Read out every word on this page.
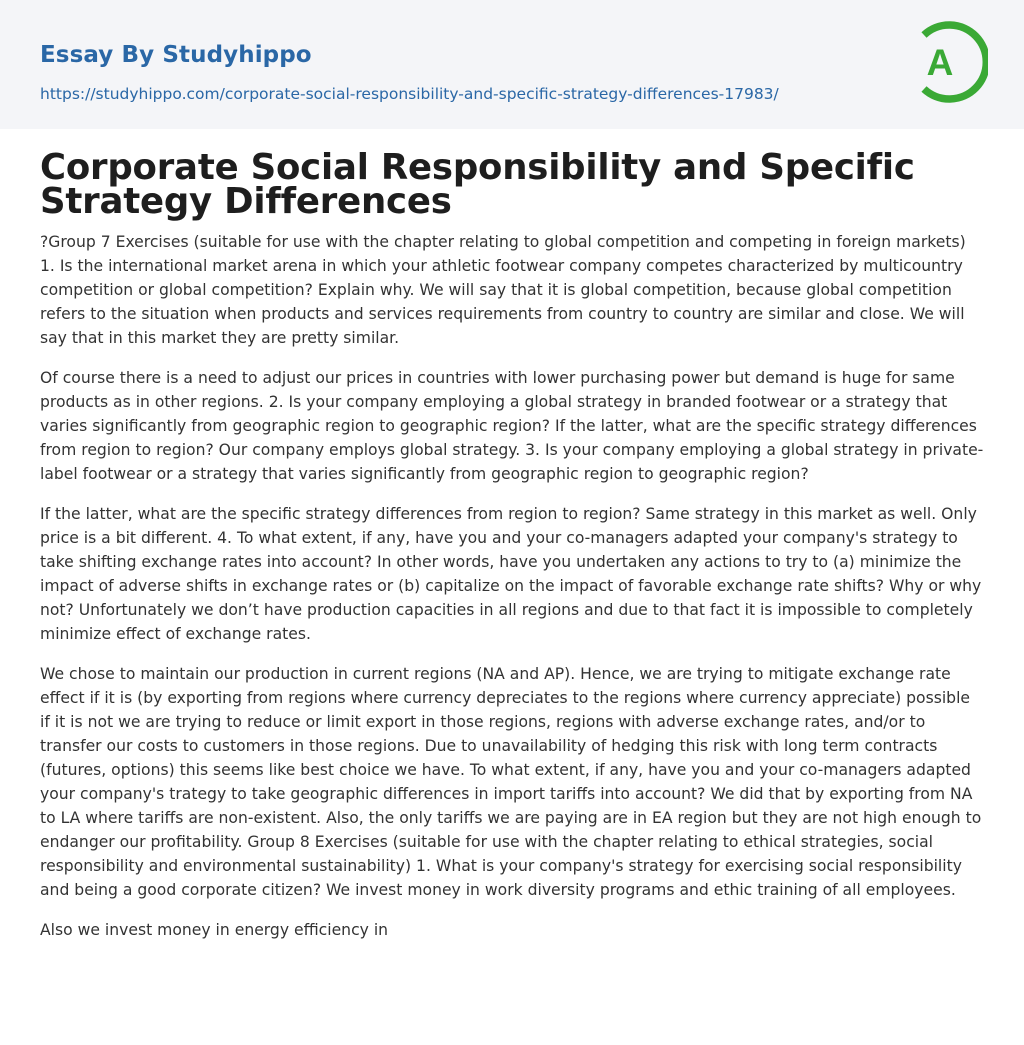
Essay By Studyhippo
https://studyhippo.com/corporate-social-responsibility-and-specific-strategy-differences-17983/
A
Corporate Social Responsibility and Specific Strategy Differences

?Group 7 Exercises (suitable for use with the chapter relating to global competition and competing in foreign markets) 1. Is the international market arena in which your athletic footwear company competes characterized by multicountry competition or global competition? Explain why. We will say that it is global competition, because global competition refers to the situation when products and services requirements from country to country are similar and close. We will say that in this market they are pretty similar.

Of course there is a need to adjust our prices in countries with lower purchasing power but demand is huge for same products as in other regions. 2. Is your company employing a global strategy in branded footwear or a strategy that varies significantly from geographic region to geographic region? If the latter, what are the specific strategy differences from region to region? Our company employs global strategy. 3. Is your company employing a global strategy in private-label footwear or a strategy that varies significantly from geographic region to geographic region?

If the latter, what are the specific strategy differences from region to region? Same strategy in this market as well. Only price is a bit different. 4. To what extent, if any, have you and your co-managers adapted your company's strategy to take shifting exchange rates into account? In other words, have you undertaken any actions to try to (a) minimize the impact of adverse shifts in exchange rates or (b) capitalize on the impact of favorable exchange rate shifts? Why or why not? Unfortunately we don’t have production capacities in all regions and due to that fact it is impossible to completely minimize effect of exchange rates.

We chose to maintain our production in current regions (NA and AP). Hence, we are trying to mitigate exchange rate effect if it is (by exporting from regions where currency depreciates to the regions where currency appreciate) possible if it is not we are trying to reduce or limit export in those regions, regions with adverse exchange rates, and/or to transfer our costs to customers in those regions. Due to unavailability of hedging this risk with long term contracts (futures, options) this seems like best choice we have. To what extent, if any, have you and your co-managers adapted your company's trategy to take geographic differences in import tariffs into account? We did that by exporting from NA to LA where tariffs are non-existent. Also, the only tariffs we are paying are in EA region but they are not high enough to endanger our profitability. Group 8 Exercises (suitable for use with the chapter relating to ethical strategies, social responsibility and environmental sustainability) 1. What is your company's strategy for exercising social responsibility and being a good corporate citizen? We invest money in work diversity programs and ethic training of all employees.

Also we invest money in energy efficiency in
